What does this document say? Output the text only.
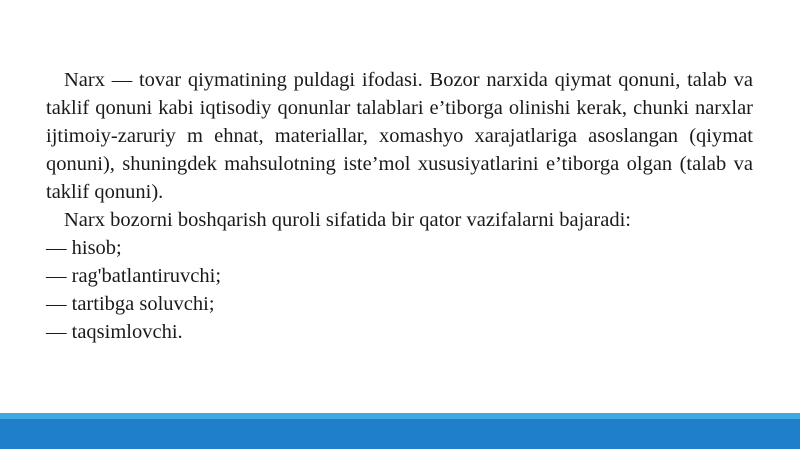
Narx — tovar qiymatining puldagi ifodasi. Bozor narxida qiymat qonuni, talab va taklif qonuni kabi iqtisodiy qonunlar talablari e’tiborga olinishi kerak, chunki narxlar ijtimoiy-zaruriy m ehnat, materiallar, xomashyo xarajatlariga asoslangan (qiymat qonuni), shuningdek mahsulotning iste’mol xususiyatlarini e’tiborga olgan (talab va taklif qonuni).

Narx bozorni boshqarish quroli sifatida bir qator vazifalarni bajaradi:

— hisob;

— rag'batlantiruvchi;

— tartibga soluvchi;

— taqsimlovchi.
